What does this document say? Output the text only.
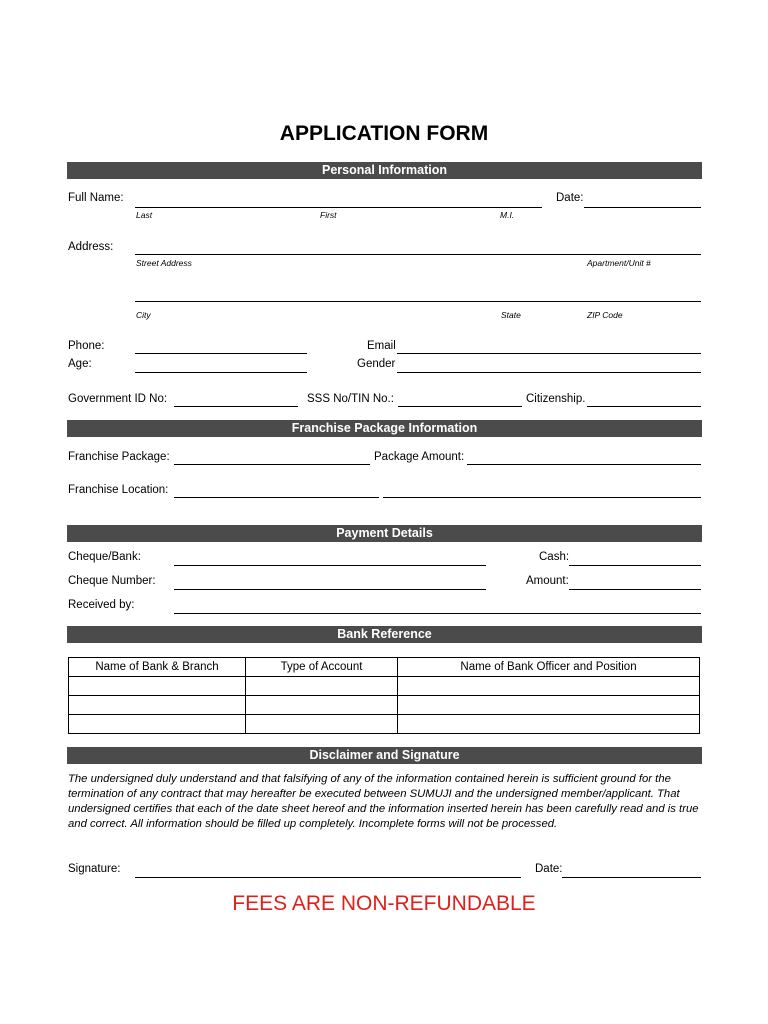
APPLICATION FORM
Personal Information
Full Name:
Last	First	M.I.
Date:
Address:
Street Address	Apartment/Unit #
City	State	ZIP Code
Phone:	Email
Age:	Gender
Government ID No:	SSS No/TIN No.:	Citizenship.
Franchise Package Information
Franchise Package:	Package Amount:
Franchise Location:
Payment Details
Cheque/Bank:	Cash:
Cheque Number:	Amount:
Received by:
Bank Reference
Name of Bank & Branch	Type of Account	Name of Bank Officer and Position

Disclaimer and Signature
The undersigned duly understand and that falsifying of any of the information contained herein is sufficient ground for the termination of any contract that may hereafter be executed between SUMUJI and the undersigned member/applicant. That undersigned certifies that each of the date sheet hereof and the information inserted herein has been carefully read and is true and correct. All information should be filled up completely. Incomplete forms will not be processed.
Signature:	Date:
FEES ARE NON-REFUNDABLE
